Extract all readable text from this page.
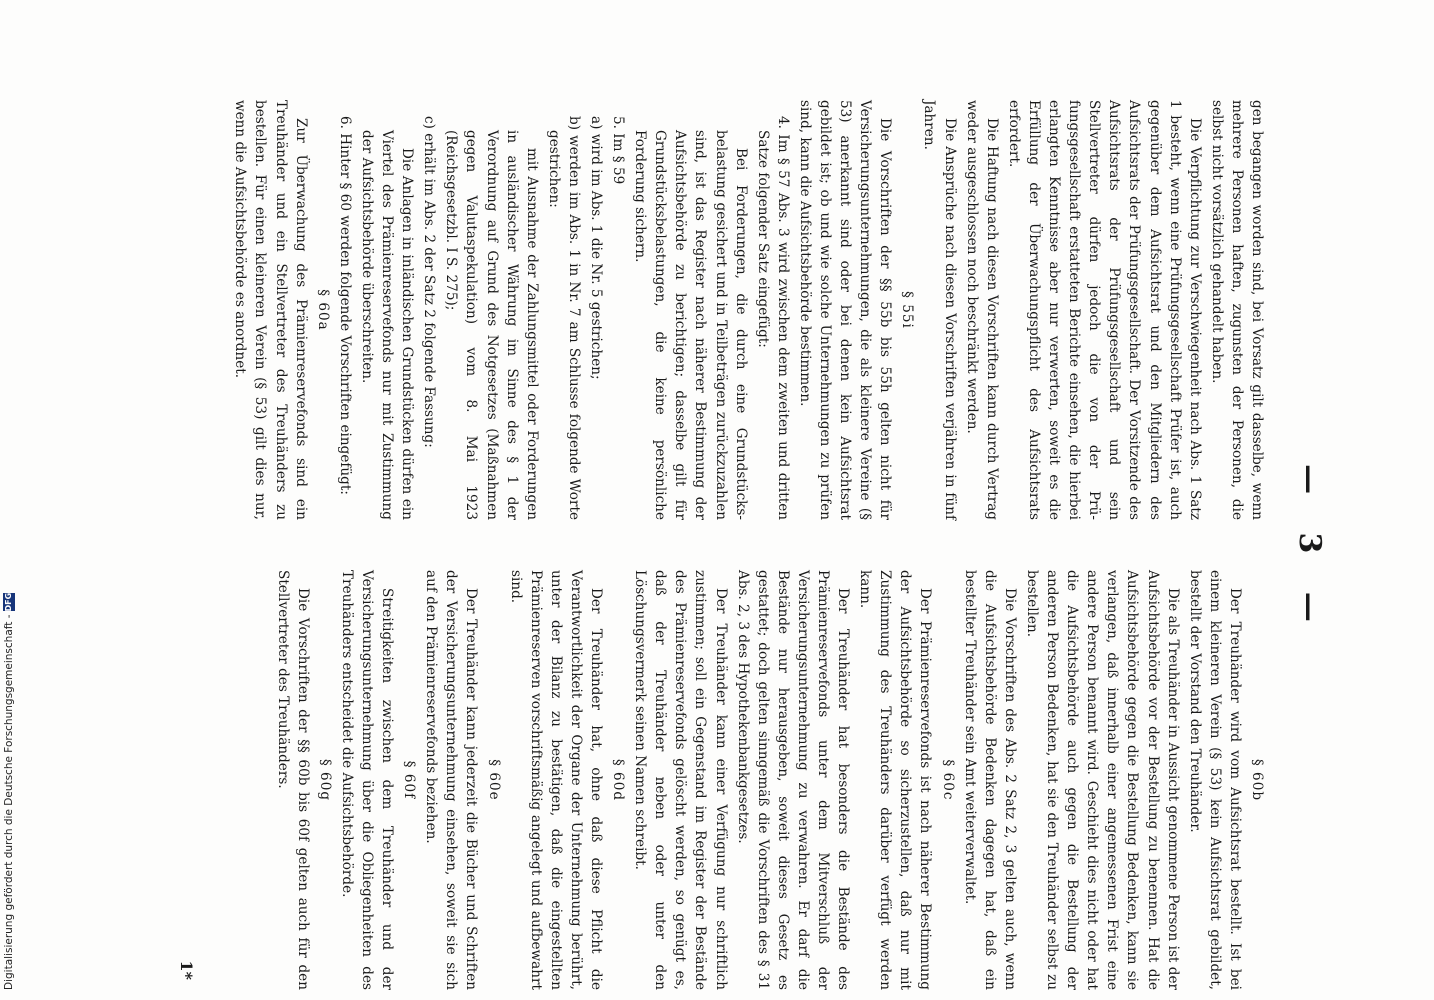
— 3 —

gen begangen worden sind, bei Vorsatz gilt dasselbe, wenn mehrere Personen haften, zugunsten der Personen, die selbst nicht vorsätzlich gehandelt haben.

Die Verpflichtung zur Verschwiegenheit nach Abs. 1 Satz 1 besteht, wenn eine Prüfungsgesellschaft Prüfer ist, auch gegenüber dem Aufsichtsrat und den Mitgliedern des Aufsichtsrats der Prüfungsgesellschaft. Der Vorsitzende des Aufsichtsrats der Prüfungsgesellschaft und sein Stellvertreter dürfen jedoch die von der Prüfungsgesellschaft erstatteten Berichte einsehen, die hierbei erlangten Kenntnisse aber nur verwerten, soweit es die Erfüllung der Überwachungspflicht des Aufsichtsrats erfordert.

Die Haftung nach diesen Vorschriften kann durch Vertrag weder ausgeschlossen noch beschränkt werden.

Die Ansprüche nach diesen Vorschriften verjähren in fünf Jahren.

§ 55i

Die Vorschriften der §§ 55b bis 55h gelten nicht für Versicherungsunternehmungen, die als kleinere Vereine (§ 53) anerkannt sind oder bei denen kein Aufsichtsrat gebildet ist; ob und wie solche Unternehmungen zu prüfen sind, kann die Aufsichtsbehörde bestimmen.

4. Im § 57 Abs. 3 wird zwischen dem zweiten und dritten Satze folgender Satz eingefügt:

Bei Forderungen, die durch eine Grundstücksbelastung gesichert und in Teilbeträgen zurückzuzahlen sind, ist das Register nach näherer Bestimmung der Aufsichtsbehörde zu berichtigen; dasselbe gilt für Grundstücksbelastungen, die keine persönliche Forderung sichern.

5. Im § 59

a) wird im Abs. 1 die Nr. 5 gestrichen;

b) werden im Abs. 1 in Nr. 7 am Schlusse folgende Worte gestrichen:

mit Ausnahme der Zahlungsmittel oder Forderungen in ausländischer Währung im Sinne des § 1 der Verordnung auf Grund des Notgesetzes (Maßnahmen gegen Valutaspekulation) vom 8. Mai 1923 (Reichsgesetzbl. I S. 275);

c) erhält im Abs. 2 der Satz 2 folgende Fassung:

Die Anlagen in inländischen Grundstücken dürfen ein Viertel des Prämienreservefonds nur mit Zustimmung der Aufsichtsbehörde überschreiten.

6. Hinter § 60 werden folgende Vorschriften eingefügt:

§ 60a

Zur Überwachung des Prämienreservefonds sind ein Treuhänder und ein Stellvertreter des Treuhänders zu bestellen. Für einen kleineren Verein (§ 53) gilt dies nur, wenn die Aufsichtsbehörde es anordnet.

§ 60b

Der Treuhänder wird vom Aufsichtsrat bestellt. Ist bei einem kleineren Verein (§ 53) kein Aufsichtsrat gebildet, bestellt der Vorstand den Treuhänder.

Die als Treuhänder in Aussicht genommene Person ist der Aufsichtsbehörde vor der Bestellung zu benennen. Hat die Aufsichtsbehörde gegen die Bestellung Bedenken, kann sie verlangen, daß innerhalb einer angemessenen Frist eine andere Person benannt wird. Geschieht dies nicht oder hat die Aufsichtsbehörde auch gegen die Bestellung der anderen Person Bedenken, hat sie den Treuhänder selbst zu bestellen.

Die Vorschriften des Abs. 2 Satz 2, 3 gelten auch, wenn die Aufsichtsbehörde Bedenken dagegen hat, daß ein bestellter Treuhänder sein Amt weiterverwaltet.

§ 60c

Der Prämienreservefonds ist nach näherer Bestimmung der Aufsichtsbehörde so sicherzustellen, daß nur mit Zustimmung des Treuhänders darüber verfügt werden kann.

Der Treuhänder hat besonders die Bestände des Prämienreservefonds unter dem Mitverschluß der Versicherungsunternehmung zu verwahren. Er darf die Bestände nur herausgeben, soweit dieses Gesetz es gestattet; doch gelten sinngemäß die Vorschriften des § 31 Abs. 2, 3 des Hypothekenbankgesetzes.

Der Treuhänder kann einer Verfügung nur schriftlich zustimmen; soll ein Gegenstand im Register der Bestände des Prämienreservefonds gelöscht werden, so genügt es, daß der Treuhänder neben oder unter den Löschungsvermerk seinen Namen schreibt.

§ 60d

Der Treuhänder hat, ohne daß diese Pflicht die Verantwortlichkeit der Organe der Unternehmung berührt, unter der Bilanz zu bestätigen, daß die eingestellten Prämienreserven vorschriftsmäßig angelegt und aufbewahrt sind.

§ 60e

Der Treuhänder kann jederzeit die Bücher und Schriften der Versicherungsunternehmung einsehen, soweit sie sich auf den Prämienreservefonds beziehen.

§ 60f

Streitigkeiten zwischen dem Treuhänder und der Versicherungsunternehmung über die Obliegenheiten des Treuhänders entscheidet die Aufsichtsbehörde.

§ 60g

Die Vorschriften der §§ 60b bis 60f gelten auch für den Stellvertreter des Treuhänders.

1*
Digitalisierung gefördert durch die Deutsche Forschungsgemeinschaft -
DFG
